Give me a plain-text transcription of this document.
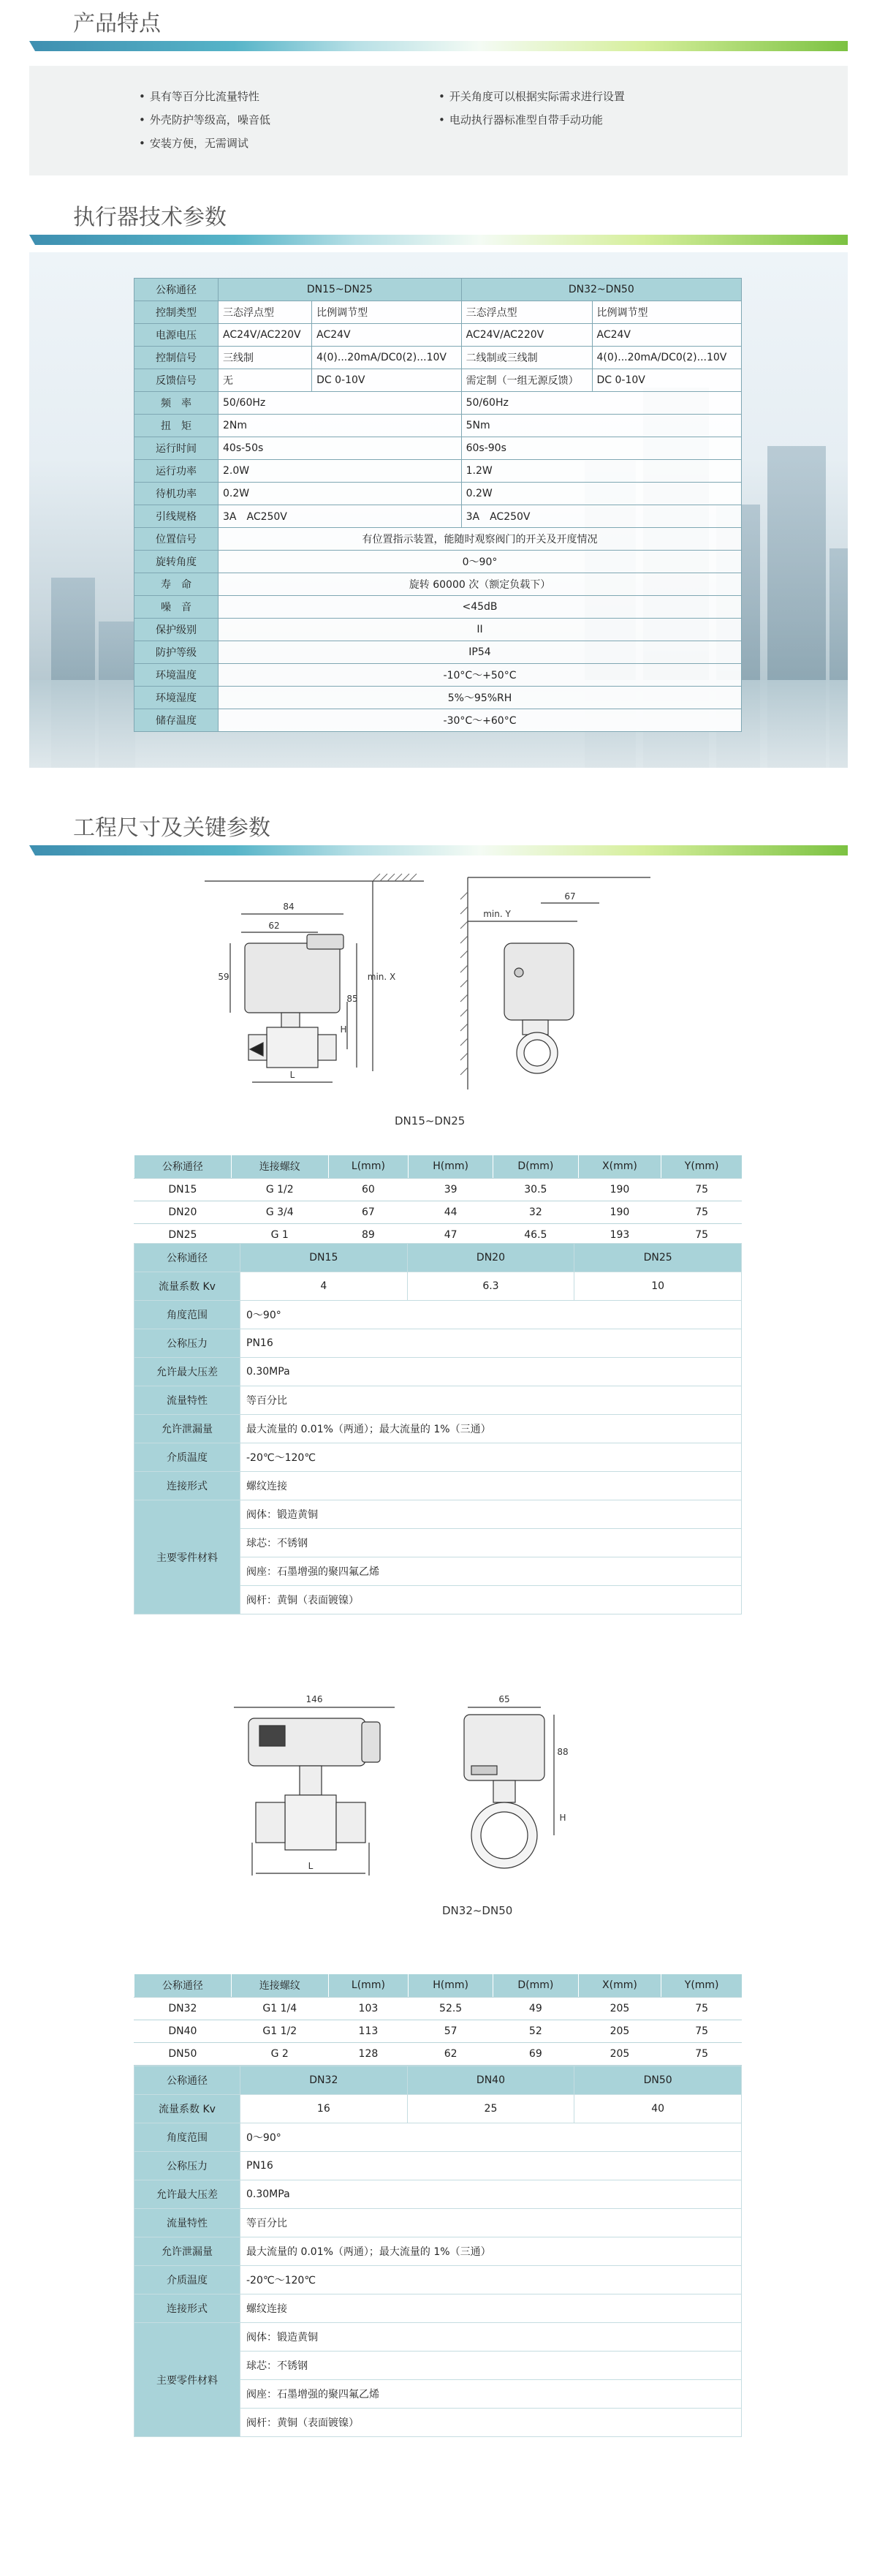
产品特点
• 具有等百分比流量特性
• 外壳防护等级高，噪音低
• 安装方便，无需调试
• 开关角度可以根据实际需求进行设置
• 电动执行器标准型自带手动功能
执行器技术参数
公称通径	DN15~DN25		DN32~DN50	
控制类型	三态浮点型	比例调节型	三态浮点型	比例调节型
电源电压	AC24V/AC220V	AC24V	AC24V/AC220V	AC24V
控制信号	三线制	4(0)...20mA/DC0(2)...10V	二线制或三线制	4(0)...20mA/DC0(2)...10V
反馈信号	无	DC 0-10V	需定制（一组无源反馈）	DC 0-10V
频　率	50/60Hz		50/60Hz	
扭　矩	2Nm		5Nm	
运行时间	40s-50s		60s-90s	
运行功率	2.0W		1.2W	
待机功率	0.2W		0.2W	
引线规格	3A　AC250V		3A　AC250V	
位置信号	有位置指示装置，能随时观察阀门的开关及开度情况			
旋转角度	0～90°			
寿　命	旋转 60000 次（额定负载下）			
噪　音	<45dB			
保护级别	II			
防护等级	IP54			
环境温度	-10°C～+50°C			
环境湿度	5%～95%RH			
储存温度	-30°C～+60°C			
工程尺寸及关键参数
84
62
59
85
min. X
H
L
67
min. Y
DN15~DN25
公称通径	连接螺纹	L(mm)	H(mm)	D(mm)	X(mm)	Y(mm)
DN15	G 1/2	60	39	30.5	190	75
DN20	G 3/4	67	44	32	190	75
DN25	G 1	89	47	46.5	193	75
公称通径	DN15	DN20	DN25
流量系数 Kv	4	6.3	10
角度范围	0～90°		
公称压力	PN16		
允许最大压差	0.30MPa		
流量特性	等百分比		
允许泄漏量	最大流量的 0.01%（两通）；最大流量的 1%（三通）		
介质温度	-20℃～120℃		
连接形式	螺纹连接		
主要零件材料	阀体：锻造黄铜		
	球芯：不锈钢		
	阀座：石墨增强的聚四氟乙烯		
	阀杆：黄铜（表面镀镍）		
146
L
65
88
H
DN32~DN50
公称通径	连接螺纹	L(mm)	H(mm)	D(mm)	X(mm)	Y(mm)
DN32	G1 1/4	103	52.5	49	205	75
DN40	G1 1/2	113	57	52	205	75
DN50	G 2	128	62	69	205	75
公称通径	DN32	DN40	DN50
流量系数 Kv	16	25	40
角度范围	0～90°		
公称压力	PN16		
允许最大压差	0.30MPa		
流量特性	等百分比		
允许泄漏量	最大流量的 0.01%（两通）；最大流量的 1%（三通）		
介质温度	-20℃～120℃		
连接形式	螺纹连接		
主要零件材料	阀体：锻造黄铜		
	球芯：不锈钢		
	阀座：石墨增强的聚四氟乙烯		
	阀杆：黄铜（表面镀镍）		
